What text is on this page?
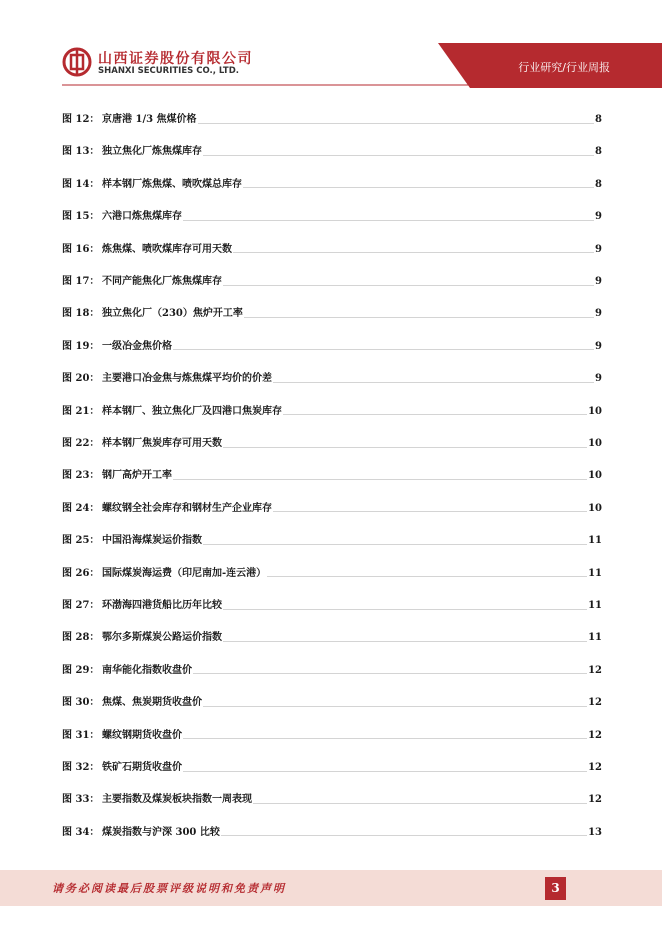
山西证券股份有限公司
SHANXI SECURITIES CO., LTD.	行业研究/行业周报
图 12： 京唐港 1/3 焦煤价格	8
图 13： 独立焦化厂炼焦煤库存	8
图 14： 样本钢厂炼焦煤、喷吹煤总库存	8
图 15： 六港口炼焦煤库存	9
图 16： 炼焦煤、喷吹煤库存可用天数	9
图 17： 不同产能焦化厂炼焦煤库存	9
图 18： 独立焦化厂（230）焦炉开工率	9
图 19： 一级冶金焦价格	9
图 20： 主要港口冶金焦与炼焦煤平均价的价差	9
图 21： 样本钢厂、独立焦化厂及四港口焦炭库存	10
图 22： 样本钢厂焦炭库存可用天数	10
图 23： 钢厂高炉开工率	10
图 24： 螺纹钢全社会库存和钢材生产企业库存	10
图 25： 中国沿海煤炭运价指数	11
图 26： 国际煤炭海运费（印尼南加-连云港）	11
图 27： 环渤海四港货船比历年比较	11
图 28： 鄂尔多斯煤炭公路运价指数	11
图 29： 南华能化指数收盘价	12
图 30： 焦煤、焦炭期货收盘价	12
图 31： 螺纹钢期货收盘价	12
图 32： 铁矿石期货收盘价	12
图 33： 主要指数及煤炭板块指数一周表现	12
图 34： 煤炭指数与沪深 300 比较	13
请务必阅读最后股票评级说明和免责声明	3
